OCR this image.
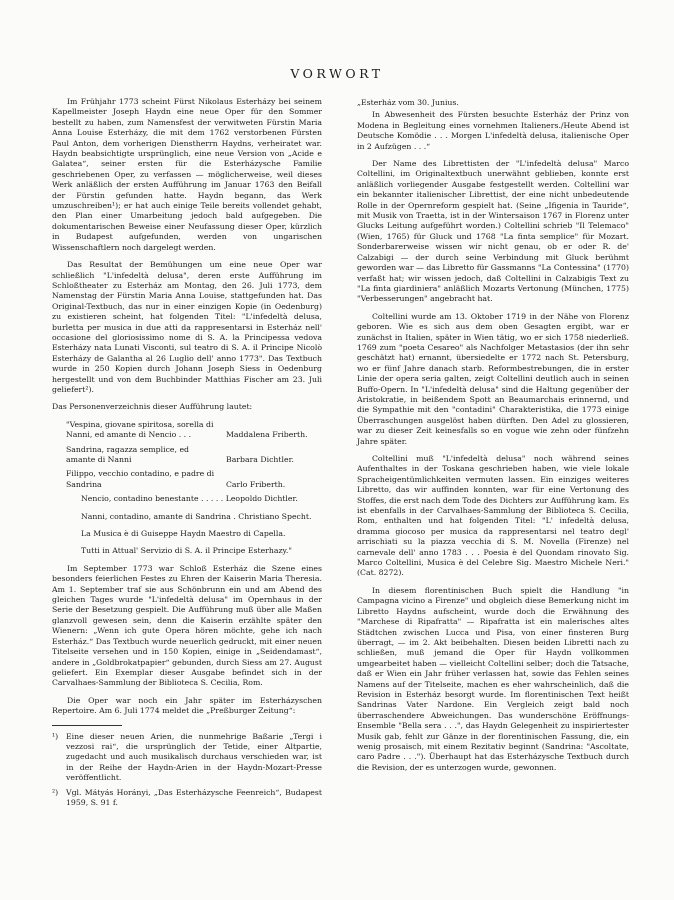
VORWORT

Im Frühjahr 1773 scheint Fürst Nikolaus Esterházy bei seinem Kapellmeister Joseph Haydn eine neue Oper für den Sommer bestellt zu haben, zum Namensfest der verwitweten Fürstin Maria Anna Louise Esterházy, die mit dem 1762 verstorbenen Fürsten Paul Anton, dem vorherigen Dienstherrn Haydns, verheiratet war. Haydn beabsichtigte ursprünglich, eine neue Version von „Acide e Galatea“, seiner ersten für die Esterházysche Familie geschriebenen Oper, zu verfassen — möglicherweise, weil dieses Werk anläßlich der ersten Aufführung im Januar 1763 den Beifall der Fürstin gefunden hatte. Haydn begann, das Werk umzuschreiben¹); er hat auch einige Teile bereits vollendet gehabt, den Plan einer Umarbeitung jedoch bald aufgegeben. Die dokumentarischen Beweise einer Neufassung dieser Oper, kürzlich in Budapest aufgefunden, werden von ungarischen Wissenschaftlern noch dargelegt werden.

Das Resultat der Bemühungen um eine neue Oper war schließlich "L'infedeltà delusa", deren erste Aufführung im Schloßtheater zu Esterház am Montag, den 26. Juli 1773, dem Namenstag der Fürstin Maria Anna Louise, stattgefunden hat. Das Original-Textbuch, das nur in einer einzigen Kopie (in Oedenburg) zu existieren scheint, hat folgenden Titel: "L'infedeltà delusa, burletta per musica in due atti da rappresentarsi in Esterház nell' occasione del gloriosissimo nome di S. A. la Principessa vedova Esterházy nata Lunati Visconti, sul teatro di S. A. il Principe Nicolò Esterházy de Galantha al 26 Luglio dell' anno 1773". Das Textbuch wurde in 250 Kopien durch Johann Joseph Siess in Oedenburg hergestellt und von dem Buchbinder Matthias Fischer am 23. Juli geliefert²).

Das Personenverzeichnis dieser Aufführung lautet:

"Vespina, giovane spiritosa, sorella di Nanni, ed amante di Nencio . . .	Maddalena Friberth.
Sandrina, ragazza semplice, ed amante di Nanni	Barbara Dichtler.
Filippo, vecchio contadino, e padre di Sandrina	Carlo Friberth.

Nencio, contadino benestante . . . . . Leopoldo Dichtler.

Nanni, contadino, amante di Sandrina . Christiano Specht.

La Musica è di Guiseppe Haydn Maestro di Capella.

Tutti in Attual' Servizio di S. A. il Principe Esterhazy."

Im September 1773 war Schloß Esterház die Szene eines besonders feierlichen Festes zu Ehren der Kaiserin Maria Theresia. Am 1. September traf sie aus Schönbrunn ein und am Abend des gleichen Tages wurde "L'infedeltà delusa" im Opernhaus in der Serie der Besetzung gespielt. Die Aufführung muß über alle Maßen glanzvoll gewesen sein, denn die Kaiserin erzählte später den Wienern: „Wenn ich gute Opera hören möchte, gehe ich nach Esterház.“ Das Textbuch wurde neuerlich gedruckt, mit einer neuen Titelseite versehen und in 150 Kopien, einige in „Seidendamast“, andere in „Goldbrokatpapier“ gebunden, durch Siess am 27. August geliefert. Ein Exemplar dieser Ausgabe befindet sich in der Carvalhaes-Sammlung der Biblioteca S. Cecilia, Rom.

Die Oper war noch ein Jahr später im Esterházyschen Repertoire. Am 6. Juli 1774 meldet die „Preßburger Zeitung“:

¹)	Eine dieser neuen Arien, die nunmehrige Baßarie „Tergi i vezzosi rai“, die ursprünglich der Tetide, einer Altpartie, zugedacht und auch musikalisch durchaus verschieden war, ist in der Reihe der Haydn-Arien in der Haydn-Mozart-Presse veröffentlicht.
²)	Vgl. Mátyás Horányi, „Das Esterházysche Feenreich“, Budapest 1959, S. 91 f.

„Esterház vom 30. Junius.

In Abwesenheit des Fürsten besuchte Esterház der Prinz von Modena in Begleitung eines vornehmen Italieners./Heute Abend ist Deutsche Komödie . . . Morgen L'infedeltà delusa, italienische Oper in 2 Aufzügen . . .“

Der Name des Librettisten der "L'infedeltà delusa" Marco Coltellini, im Originaltextbuch unerwähnt geblieben, konnte erst anläßlich vorliegender Ausgabe festgestellt werden. Coltellini war ein bekannter italienischer Librettist, der eine nicht unbedeutende Rolle in der Opernreform gespielt hat. (Seine „Ifigenia in Tauride“, mit Musik von Traetta, ist in der Wintersaison 1767 in Florenz unter Glucks Leitung aufgeführt worden.) Coltellini schrieb "Il Telemaco" (Wien, 1765) für Gluck und 1768 "La finta semplice" für Mozart. Sonderbarerweise wissen wir nicht genau, ob er oder R. de' Calzabigi — der durch seine Verbindung mit Gluck berühmt geworden war — das Libretto für Gassmanns "La Contessina" (1770) verfaßt hat; wir wissen jedoch, daß Coltellini in Calzabigis Text zu "La finta giardiniera" anläßlich Mozarts Vertonung (München, 1775) "Verbesserungen" angebracht hat.

Coltellini wurde am 13. Oktober 1719 in der Nähe von Florenz geboren. Wie es sich aus dem oben Gesagten ergibt, war er zunächst in Italien, später in Wien tätig, wo er sich 1758 niederließ. 1769 zum "poeta Cesareo" als Nachfolger Metastasios (der ihn sehr geschätzt hat) ernannt, übersiedelte er 1772 nach St. Petersburg, wo er fünf Jahre danach starb. Reformbestrebungen, die in erster Linie der opera seria galten, zeigt Coltellini deutlich auch in seinen Buffo-Opern. In "L'infedeltà delusa" sind die Haltung gegenüber der Aristokratie, in beißendem Spott an Beaumarchais erinnernd, und die Sympathie mit den "contadini" Charakteristika, die 1773 einige Überraschungen ausgelöst haben dürften. Den Adel zu glossieren, war zu dieser Zeit keinesfalls so en vogue wie zehn oder fünfzehn Jahre später.

Coltellini muß "L'infedeltà delusa" noch während seines Aufenthaltes in der Toskana geschrieben haben, wie viele lokale Spracheigentümlichkeiten vermuten lassen. Ein einziges weiteres Libretto, das wir auffinden konnten, war für eine Vertonung des Stoffes, die erst nach dem Tode des Dichters zur Aufführung kam. Es ist ebenfalls in der Carvalhaes-Sammlung der Biblioteca S. Cecilia, Rom, enthalten und hat folgenden Titel: "L' infedeltà delusa, dramma giocoso per musica da rappresentarsi nel teatro degl' arrischiati su la piazza vecchia di S. M. Novella (Firenze) nel carnevale dell' anno 1783 . . . Poesia è del Quondam rinovato Sig. Marco Coltellini, Musica è del Celebre Sig. Maestro Michele Neri." (Cat. 8272).

In diesem florentinischen Buch spielt die Handlung "in Campagna vicino a Firenze" und obgleich diese Bemerkung nicht im Libretto Haydns aufscheint, wurde doch die Erwähnung des "Marchese di Ripafratta" — Ripafratta ist ein malerisches altes Städtchen zwischen Lucca und Pisa, von einer finsteren Burg überragt, — im 2. Akt beibehalten. Diesen beiden Libretti nach zu schließen, muß jemand die Oper für Haydn vollkommen umgearbeitet haben — vielleicht Coltellini selber; doch die Tatsache, daß er Wien ein Jahr früher verlassen hat, sowie das Fehlen seines Namens auf der Titelseite, machen es eher wahrscheinlich, daß die Revision in Esterház besorgt wurde. Im florentinischen Text heißt Sandrinas Vater Nardone. Ein Vergleich zeigt bald noch überraschendere Abweichungen. Das wunderschöne Eröffnungs-Ensemble "Bella sera . . .", das Haydn Gelegenheit zu inspiriertester Musik gab, fehlt zur Gänze in der florentinischen Fassung, die, ein wenig prosaisch, mit einem Rezitativ beginnt (Sandrina: "Ascoltate, caro Padre . . ."). Überhaupt hat das Esterházysche Textbuch durch die Revision, der es unterzogen wurde, gewonnen.
